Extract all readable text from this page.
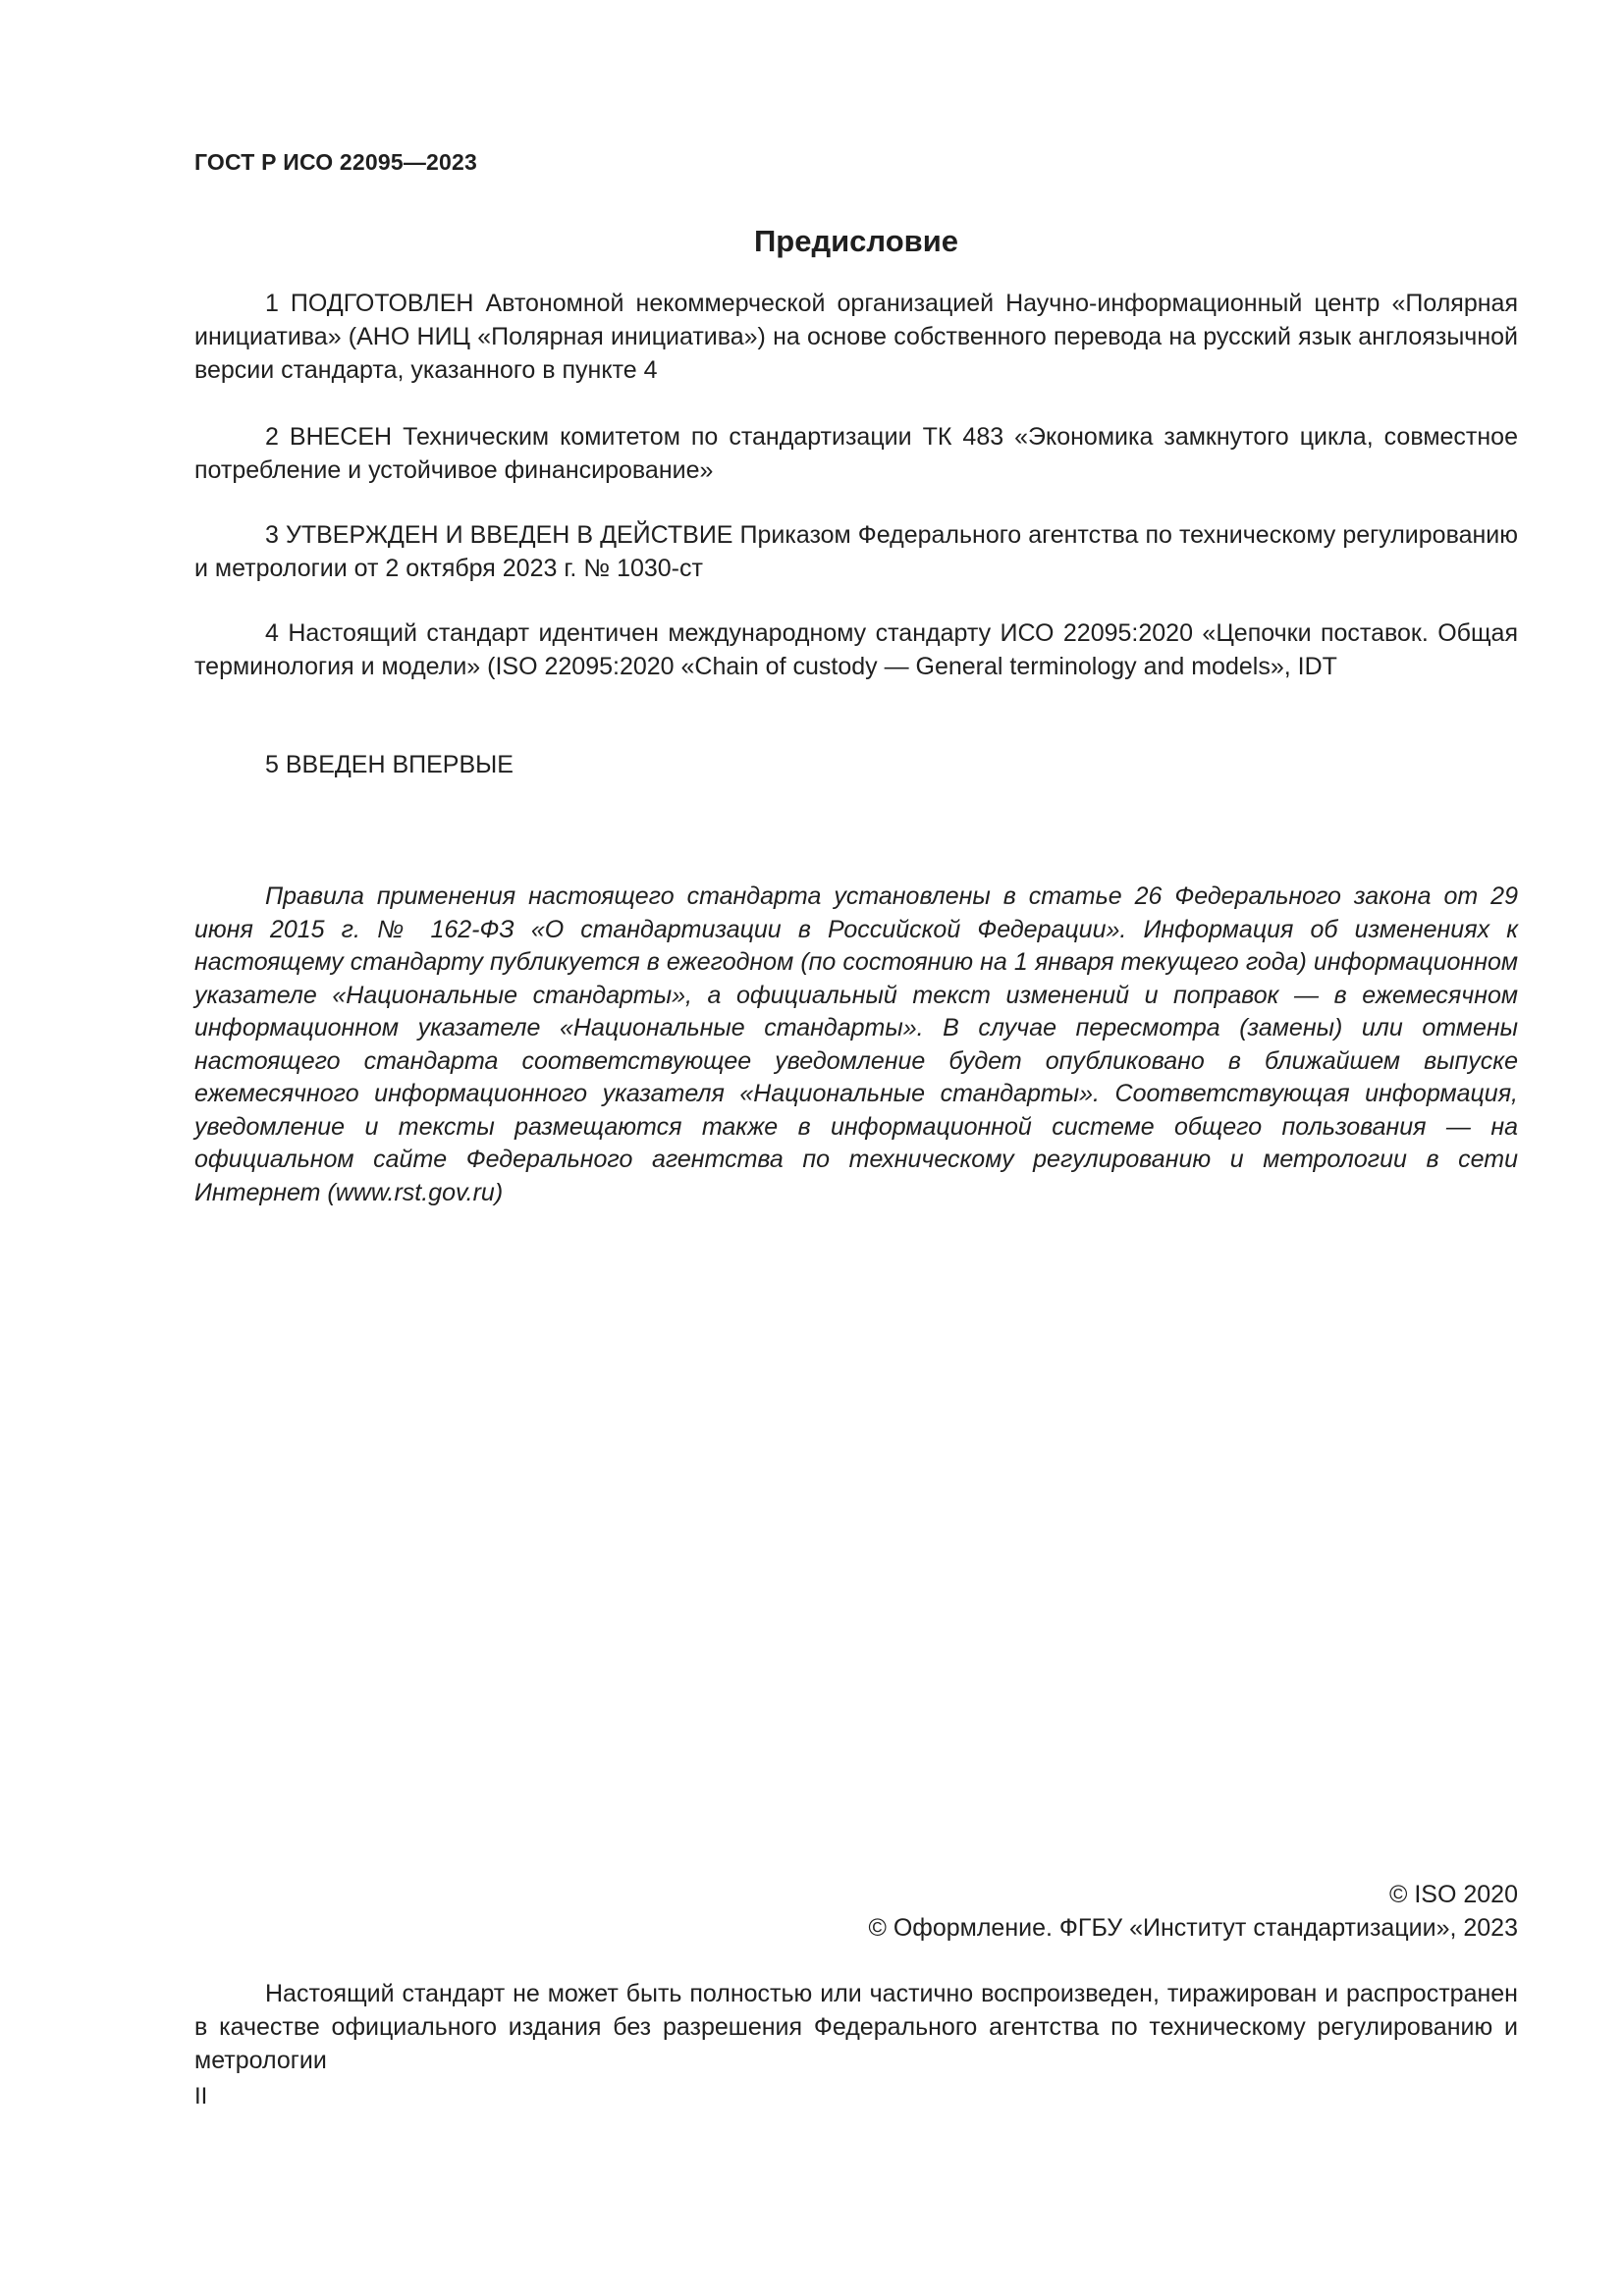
ГОСТ Р ИСО 22095—2023
Предисловие

1 ПОДГОТОВЛЕН Автономной некоммерческой организацией Научно-информационный центр «Полярная инициатива» (АНО НИЦ «Полярная инициатива») на основе собственного перевода на русский язык англоязычной версии стандарта, указанного в пункте 4

2 ВНЕСЕН Техническим комитетом по стандартизации ТК 483 «Экономика замкнутого цикла, совместное потребление и устойчивое финансирование»

3 УТВЕРЖДЕН И ВВЕДЕН В ДЕЙСТВИЕ Приказом Федерального агентства по техническому регулированию и метрологии от 2 октября 2023 г. № 1030-ст

4 Настоящий стандарт идентичен международному стандарту ИСО 22095:2020 «Цепочки поставок. Общая терминология и модели» (ISO 22095:2020 «Chain of custody — General terminology and models», IDT

5 ВВЕДЕН ВПЕРВЫЕ

Правила применения настоящего стандарта установлены в статье 26 Федерального закона от 29 июня 2015 г. № 162-ФЗ «О стандартизации в Российской Федерации». Информация об изменениях к настоящему стандарту публикуется в ежегодном (по состоянию на 1 января текущего года) информационном указателе «Национальные стандарты», а официальный текст изменений и поправок — в ежемесячном информационном указателе «Национальные стандарты». В случае пересмотра (замены) или отмены настоящего стандарта соответствующее уведомление будет опубликовано в ближайшем выпуске ежемесячного информационного указателя «Национальные стандарты». Соответствующая информация, уведомление и тексты размещаются также в информационной системе общего пользования — на официальном сайте Федерального агентства по техническому регулированию и метрологии в сети Интернет (www.rst.gov.ru)

© ISO 2020
© Оформление. ФГБУ «Институт стандартизации», 2023

Настоящий стандарт не может быть полностью или частично воспроизведен, тиражирован и распространен в качестве официального издания без разрешения Федерального агентства по техническому регулированию и метрологии

II
